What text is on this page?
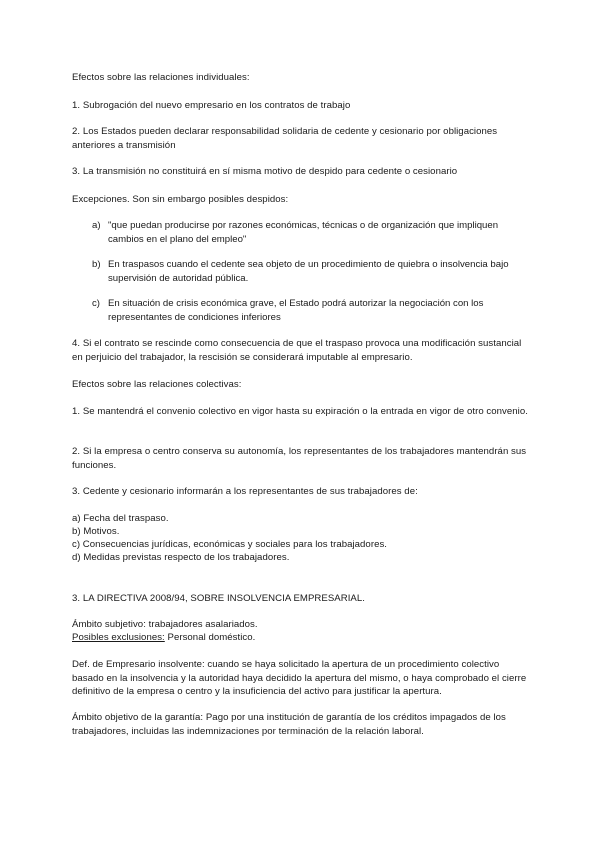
Efectos sobre las relaciones individuales:

1. Subrogación del nuevo empresario en los contratos de trabajo

2. Los Estados pueden declarar responsabilidad solidaria de cedente y cesionario por obligaciones anteriores a transmisión

3. La transmisión no constituirá en sí misma motivo de despido para cedente o cesionario

Excepciones. Son sin embargo posibles despidos:

a) "que puedan producirse por razones económicas, técnicas o de organización que impliquen cambios en el plano del empleo"
b) En traspasos cuando el cedente sea objeto de un procedimiento de quiebra o insolvencia bajo supervisión de autoridad pública.
c) En situación de crisis económica grave, el Estado podrá autorizar la negociación con los representantes de condiciones inferiores

4. Si el contrato se rescinde como consecuencia de que el traspaso provoca una modificación sustancial en perjuicio del trabajador, la rescisión se considerará imputable al empresario.

Efectos sobre las relaciones colectivas:

1. Se mantendrá el convenio colectivo en vigor hasta su expiración o la entrada en vigor de otro convenio.

2. Si la empresa o centro conserva su autonomía, los representantes de los trabajadores mantendrán sus funciones.

3. Cedente y cesionario informarán a los representantes de sus trabajadores de:

a) Fecha del traspaso.

b) Motivos.

c) Consecuencias jurídicas, económicas y sociales para los trabajadores.

d) Medidas previstas respecto de los trabajadores.

3. LA DIRECTIVA 2008/94, SOBRE INSOLVENCIA EMPRESARIAL.

Ámbito subjetivo: trabajadores asalariados.

Posibles exclusiones: Personal doméstico.

Def. de Empresario insolvente: cuando se haya solicitado la apertura de un procedimiento colectivo basado en la insolvencia y la autoridad haya decidido la apertura del mismo, o haya comprobado el cierre definitivo de la empresa o centro y la insuficiencia del activo para justificar la apertura.

Ámbito objetivo de la garantía: Pago por una institución de garantía de los créditos impagados de los trabajadores, incluidas las indemnizaciones por terminación de la relación laboral.
